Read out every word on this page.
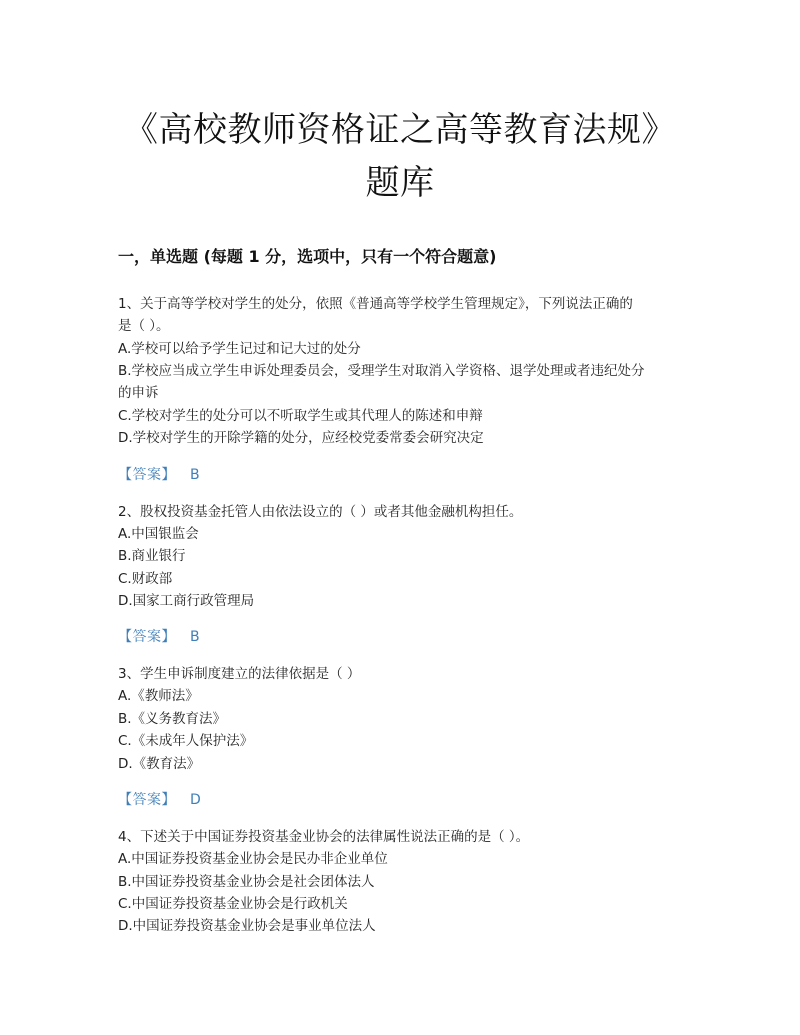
《高校教师资格证之高等教育法规》
题库
一，单选题 (每题 1 分，选项中，只有一个符合题意)
1、关于高等学校对学生的处分，依照《普通高等学校学生管理规定》，下列说法正确的
是（ ）。
A.学校可以给予学生记过和记大过的处分
B.学校应当成立学生申诉处理委员会，受理学生对取消入学资格、退学处理或者违纪处分
的申诉
C.学校对学生的处分可以不听取学生或其代理人的陈述和申辩
D.学校对学生的开除学籍的处分，应经校党委常委会研究决定
【答案】 B
2、股权投资基金托管人由依法设立的（ ）或者其他金融机构担任。
A.中国银监会
B.商业银行
C.财政部
D.国家工商行政管理局
【答案】 B
3、学生申诉制度建立的法律依据是（ ）
A.《教师法》
B.《义务教育法》
C.《未成年人保护法》
D.《教育法》
【答案】 D
4、下述关于中国证券投资基金业协会的法律属性说法正确的是（ ）。
A.中国证券投资基金业协会是民办非企业单位
B.中国证券投资基金业协会是社会团体法人
C.中国证券投资基金业协会是行政机关
D.中国证券投资基金业协会是事业单位法人
